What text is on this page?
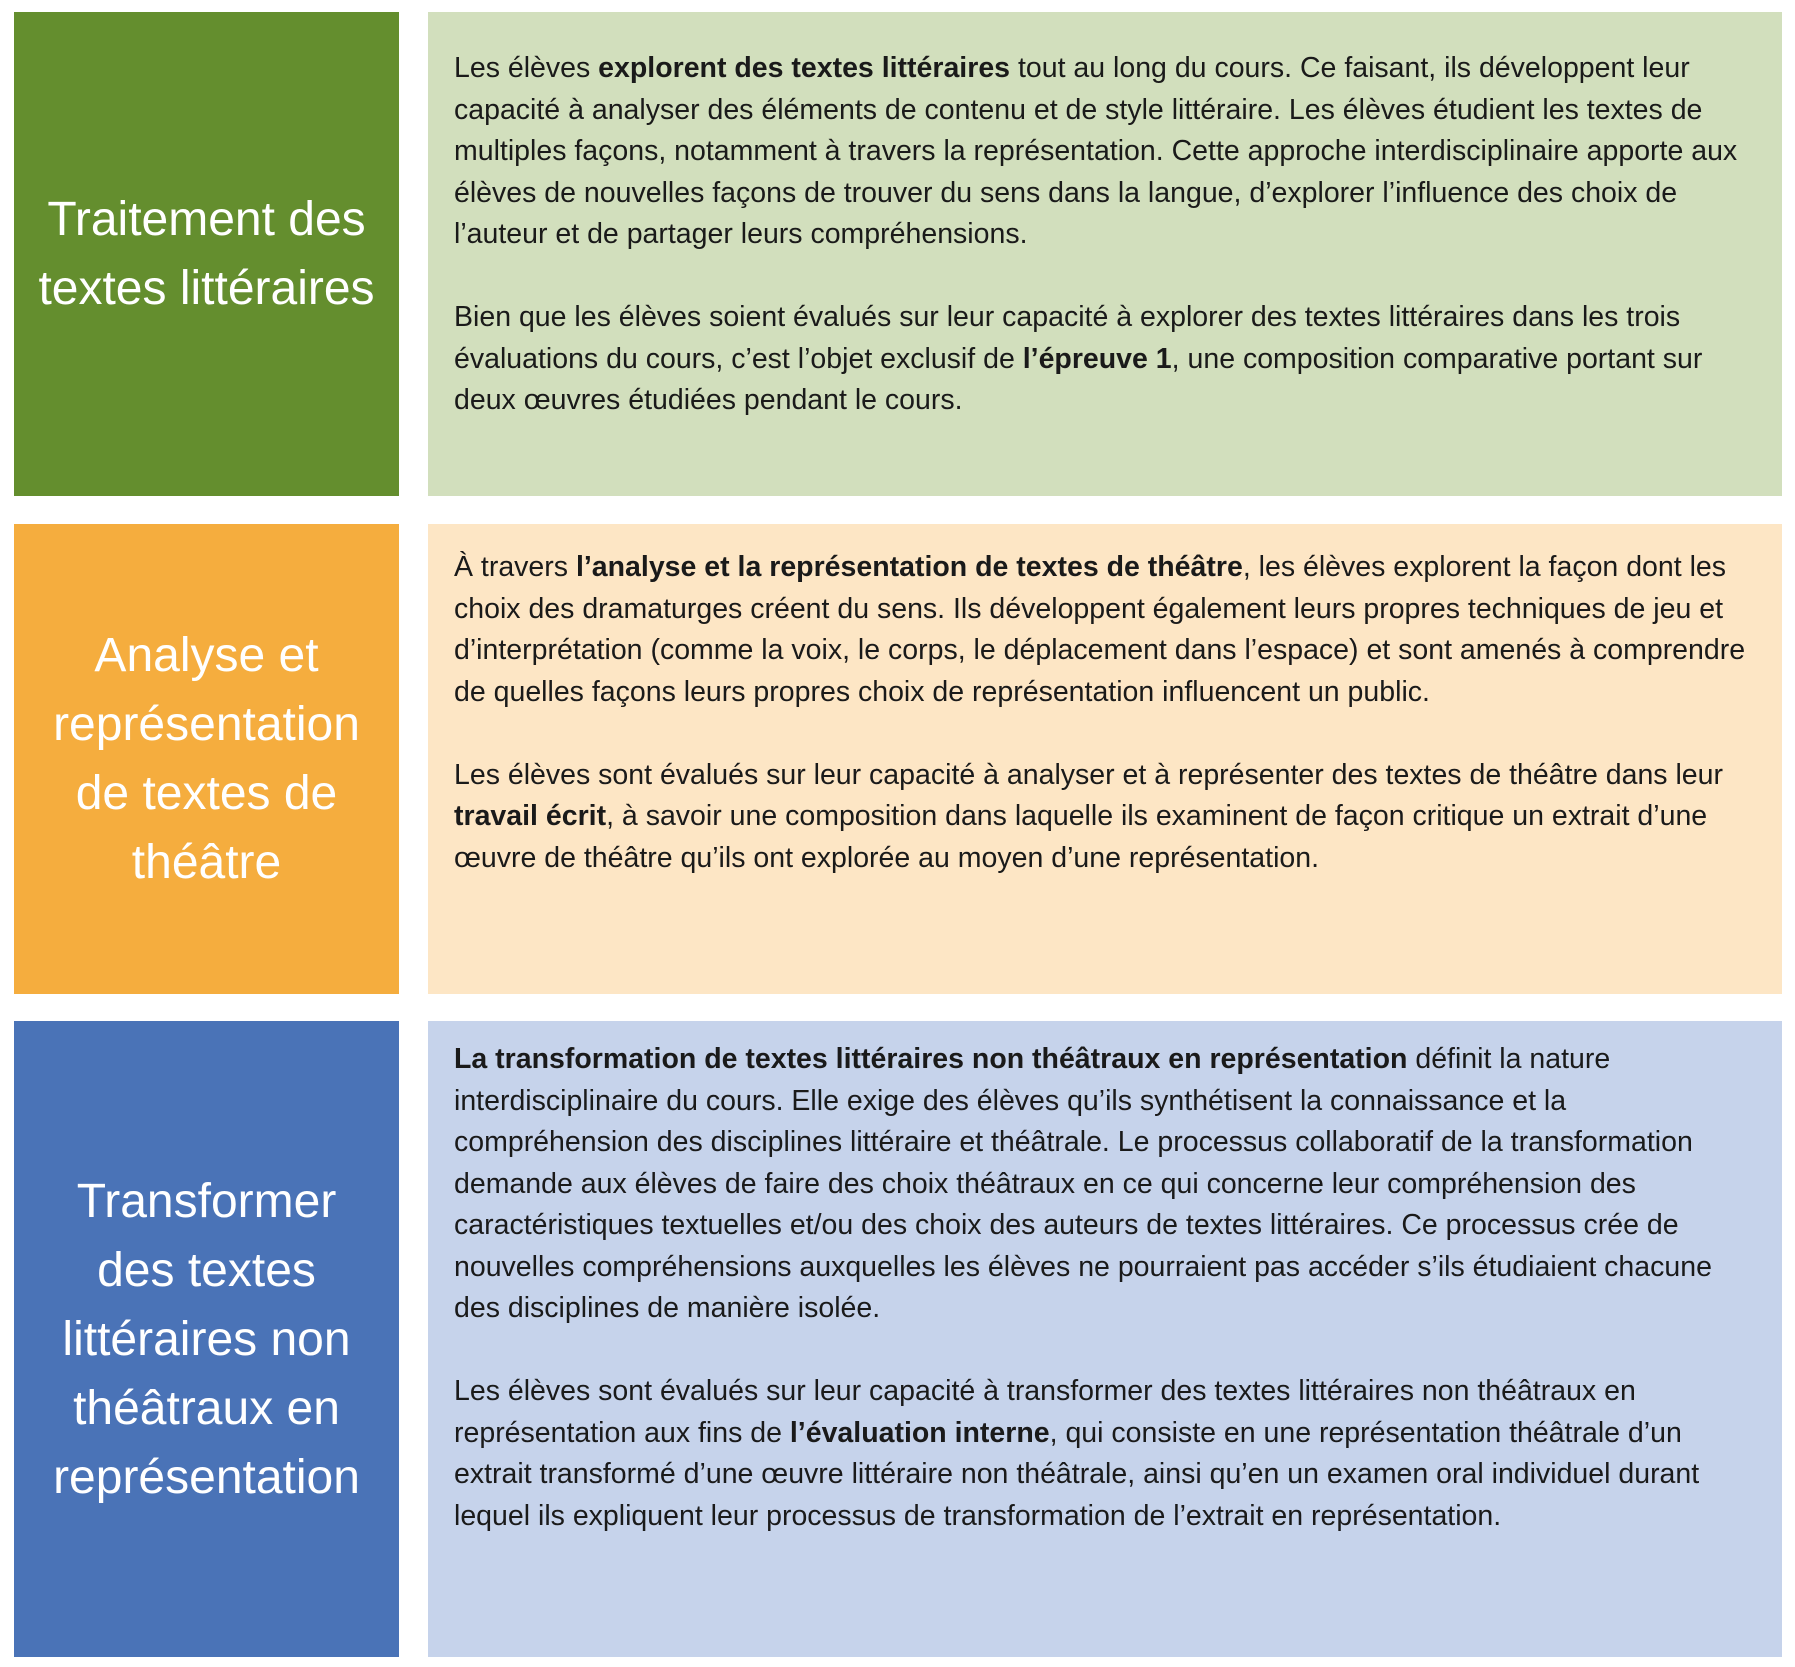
Traitement des textes littéraires

Les élèves explorent des textes littéraires tout au long du cours. Ce faisant, ils développent leur capacité à analyser des éléments de contenu et de style littéraire. Les élèves étudient les textes de multiples façons, notamment à travers la représentation. Cette approche interdisciplinaire apporte aux élèves de nouvelles façons de trouver du sens dans la langue, d’explorer l’influence des choix de l’auteur et de partager leurs compréhensions.

Bien que les élèves soient évalués sur leur capacité à explorer des textes littéraires dans les trois évaluations du cours, c’est l’objet exclusif de l’épreuve 1, une composition comparative portant sur deux œuvres étudiées pendant le cours.

Analyse et représentation de textes de théâtre

À travers l’analyse et la représentation de textes de théâtre, les élèves explorent la façon dont les choix des dramaturges créent du sens. Ils développent également leurs propres techniques de jeu et d’interprétation (comme la voix, le corps, le déplacement dans l’espace) et sont amenés à comprendre de quelles façons leurs propres choix de représentation influencent un public.

Les élèves sont évalués sur leur capacité à analyser et à représenter des textes de théâtre dans leur travail écrit, à savoir une composition dans laquelle ils examinent de façon critique un extrait d’une œuvre de théâtre qu’ils ont explorée au moyen d’une représentation.

Transformer des textes littéraires non théâtraux en représentation

La transformation de textes littéraires non théâtraux en représentation définit la nature interdisciplinaire du cours. Elle exige des élèves qu’ils synthétisent la connaissance et la compréhension des disciplines littéraire et théâtrale. Le processus collaboratif de la transformation demande aux élèves de faire des choix théâtraux en ce qui concerne leur compréhension des caractéristiques textuelles et/ou des choix des auteurs de textes littéraires. Ce processus crée de nouvelles compréhensions auxquelles les élèves ne pourraient pas accéder s’ils étudiaient chacune des disciplines de manière isolée.

Les élèves sont évalués sur leur capacité à transformer des textes littéraires non théâtraux en représentation aux fins de l’évaluation interne, qui consiste en une représentation théâtrale d’un extrait transformé d’une œuvre littéraire non théâtrale, ainsi qu’en un examen oral individuel durant lequel ils expliquent leur processus de transformation de l’extrait en représentation.
